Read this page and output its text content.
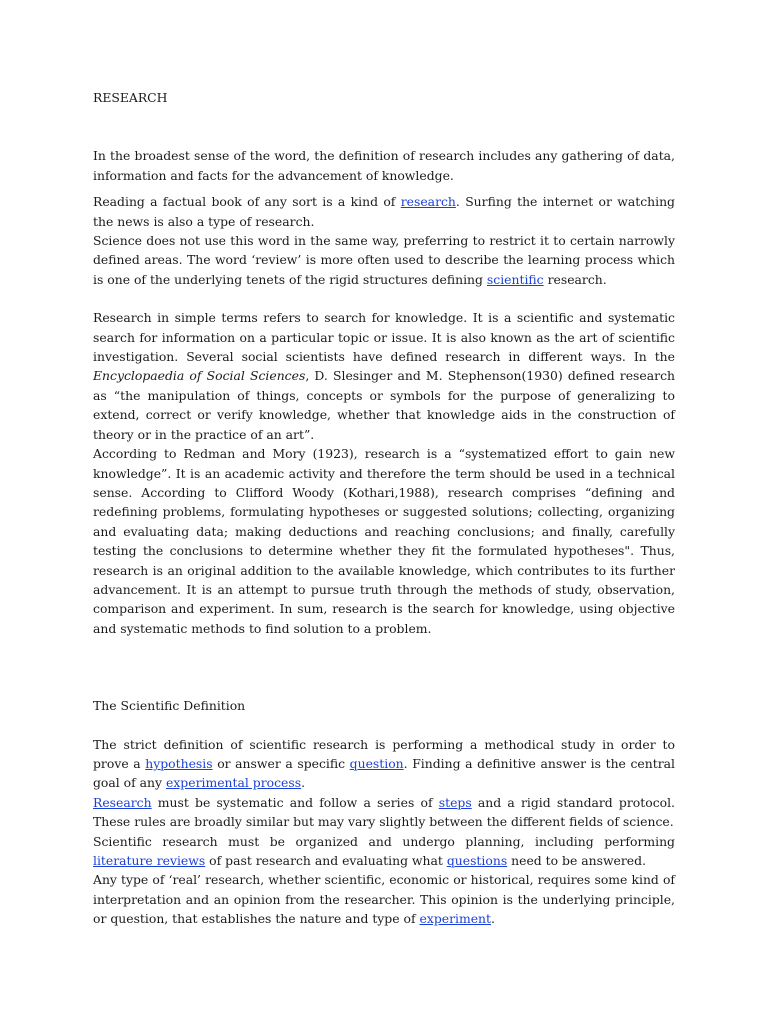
RESEARCH

In the broadest sense of the word, the definition of research includes any gathering of data, information and facts for the advancement of knowledge.

Reading a factual book of any sort is a kind of research. Surfing the internet or watching the news is also a type of research.

Science does not use this word in the same way, preferring to restrict it to certain narrowly defined areas. The word ‘review’ is more often used to describe the learning process which is one of the underlying tenets of the rigid structures defining scientific research.

Research in simple terms refers to search for knowledge. It is a scientific and systematic search for information on a particular topic or issue. It is also known as the art of scientific investigation. Several social scientists have defined research in different ways. In the Encyclopaedia of Social Sciences, D. Slesinger and M. Stephenson(1930) defined research as “the manipulation of things, concepts or symbols for the purpose of generalizing to extend, correct or verify knowledge, whether that knowledge aids in the construction of theory or in the practice of an art”.

According to Redman and Mory (1923), research is a “systematized effort to gain new knowledge”. It is an academic activity and therefore the term should be used in a technical sense. According to Clifford Woody (Kothari,1988), research comprises “defining and redefining problems, formulating hypotheses or suggested solutions; collecting, organizing and evaluating data; making deductions and reaching conclusions; and finally, carefully testing the conclusions to determine whether they fit the formulated hypotheses". Thus, research is an original addition to the available knowledge, which contributes to its further advancement. It is an attempt to pursue truth through the methods of study, observation, comparison and experiment. In sum, research is the search for knowledge, using objective and systematic methods to find solution to a problem.

The Scientific Definition

The strict definition of scientific research is performing a methodical study in order to prove a hypothesis or answer a specific question. Finding a definitive answer is the central goal of any experimental process.

Research must be systematic and follow a series of steps and a rigid standard protocol. These rules are broadly similar but may vary slightly between the different fields of science.

Scientific research must be organized and undergo planning, including performing literature reviews of past research and evaluating what questions need to be answered.

Any type of ‘real’ research, whether scientific, economic or historical, requires some kind of interpretation and an opinion from the researcher. This opinion is the underlying principle, or question, that establishes the nature and type of experiment.
